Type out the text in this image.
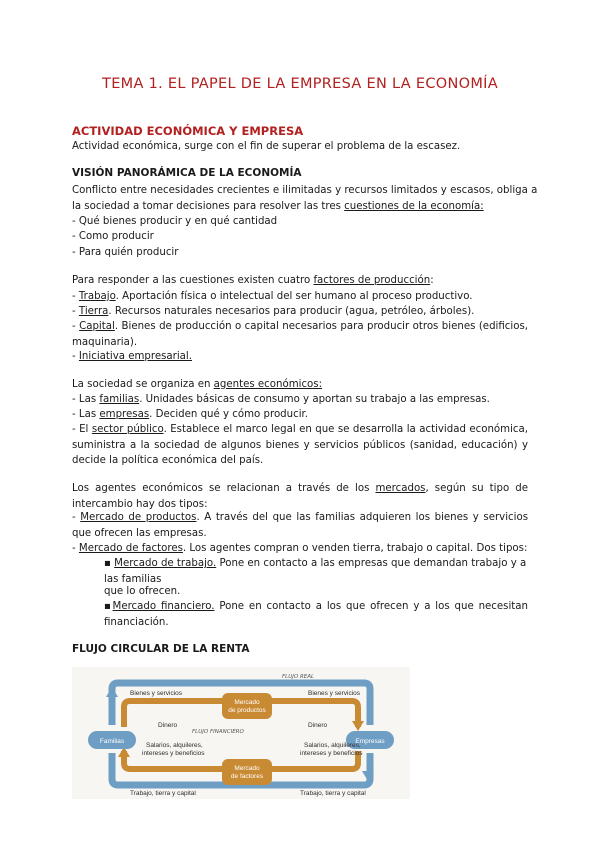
TEMA 1. EL PAPEL DE LA EMPRESA EN LA ECONOMÍA
ACTIVIDAD ECONÓMICA Y EMPRESA
Actividad económica, surge con el fin de superar el problema de la escasez.
VISIÓN PANORÁMICA DE LA ECONOMÍA
Conflicto entre necesidades crecientes e ilimitadas y recursos limitados y escasos, obliga a
la sociedad a tomar decisiones para resolver las tres cuestiones de la economía:
- Qué bienes producir y en qué cantidad
- Como producir
- Para quién producir
Para responder a las cuestiones existen cuatro factores de producción:
- Trabajo. Aportación física o intelectual del ser humano al proceso productivo.
- Tierra. Recursos naturales necesarios para producir (agua, petróleo, árboles).
- Capital. Bienes de producción o capital necesarios para producir otros bienes (edificios, maquinaria).
- Iniciativa empresarial.
La sociedad se organiza en agentes económicos:
- Las familias. Unidades básicas de consumo y aportan su trabajo a las empresas.
- Las empresas. Deciden qué y cómo producir.
- El sector público. Establece el marco legal en que se desarrolla la actividad económica, suministra a la sociedad de algunos bienes y servicios públicos (sanidad, educación) y decide la política económica del país.
Los agentes económicos se relacionan a través de los mercados, según su tipo de intercambio hay dos tipos:
- Mercado de productos. A través del que las familias adquieren los bienes y servicios que ofrecen las empresas.
- Mercado de factores. Los agentes compran o venden tierra, trabajo o capital. Dos tipos:
▪ Mercado de trabajo. Pone en contacto a las empresas que demandan trabajo y a las familias
que lo ofrecen.
▪Mercado financiero. Pone en contacto a los que ofrecen y a los que necesitan financiación.
FLUJO CIRCULAR DE LA RENTA
Bienes y servicios	Bienes y servicios
Dinero	Dinero
Salarios, alquileres,
intereses y beneficios
Salarios, alquileres,
intereses y beneficios
Trabajo, tierra y capital	Trabajo, tierra y capital
Familias	Empresas
Mercado
de productos
Mercado
de factores
FLUJO REAL
FLUJO FINANCIERO
